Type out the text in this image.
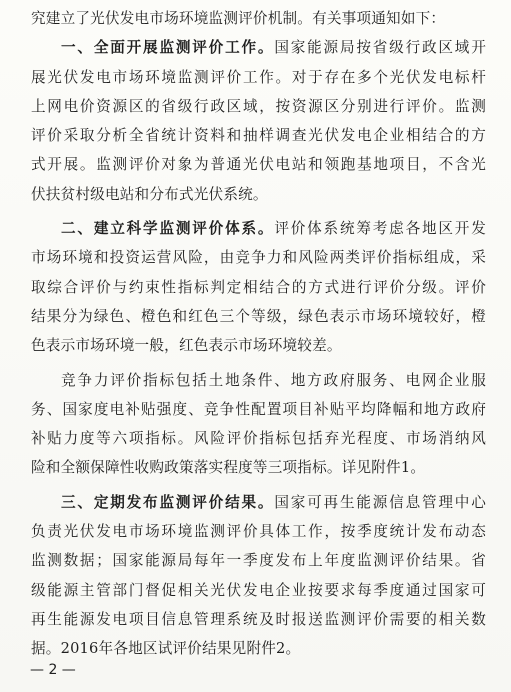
究建立了光伏发电市场环境监测评价机制。有关事项通知如下：
一、全面开展监测评价工作。国家能源局按省级行政区域开
展光伏发电市场环境监测评价工作。对于存在多个光伏发电标杆
上网电价资源区的省级行政区域，按资源区分别进行评价。监测
评价采取分析全省统计资料和抽样调查光伏发电企业相结合的方
式开展。监测评价对象为普通光伏电站和领跑基地项目，不含光
伏扶贫村级电站和分布式光伏系统。
二、建立科学监测评价体系。评价体系统筹考虑各地区开发
市场环境和投资运营风险，由竞争力和风险两类评价指标组成，采
取综合评价与约束性指标判定相结合的方式进行评价分级。评价
结果分为绿色、橙色和红色三个等级，绿色表示市场环境较好，橙
色表示市场环境一般，红色表示市场环境较差。
竞争力评价指标包括土地条件、地方政府服务、电网企业服
务、国家度电补贴强度、竞争性配置项目补贴平均降幅和地方政府
补贴力度等六项指标。风险评价指标包括弃光程度、市场消纳风
险和全额保障性收购政策落实程度等三项指标。详见附件1。
三、定期发布监测评价结果。国家可再生能源信息管理中心
负责光伏发电市场环境监测评价具体工作，按季度统计发布动态
监测数据；国家能源局每年一季度发布上年度监测评价结果。省
级能源主管部门督促相关光伏发电企业按要求每季度通过国家可
再生能源发电项目信息管理系统及时报送监测评价需要的相关数
据。2016年各地区试评价结果见附件2。
— 2 —
